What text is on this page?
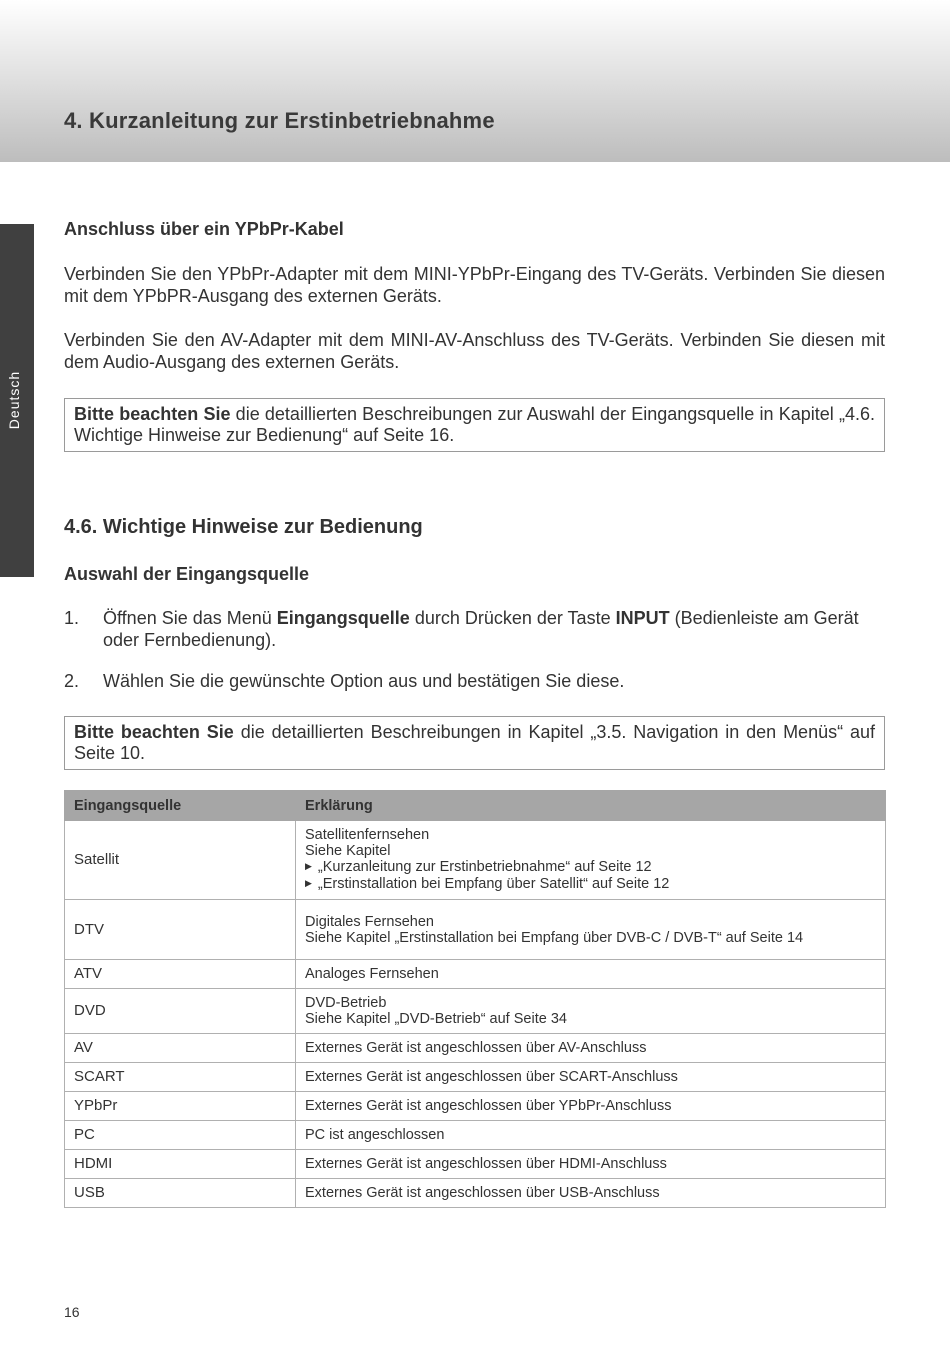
4. Kurzanleitung zur Erstinbetriebnahme
Deutsch

Anschluss über ein YPbPr-Kabel

Verbinden Sie den YPbPr-Adapter mit dem MINI-YPbPr-Eingang des TV-Geräts. Verbinden Sie diesen mit dem YPbPR-Ausgang des externen Geräts.

Verbinden Sie den AV-Adapter mit dem MINI-AV-Anschluss des TV-Geräts. Verbinden Sie diesen mit dem Audio-Ausgang des externen Geräts.

Bitte beachten Sie die detaillierten Beschreibungen zur Auswahl der Eingangsquelle in Kapitel „4.6. Wichtige Hinweise zur Bedienung“ auf Seite 16.

4.6. Wichtige Hinweise zur Bedienung

Auswahl der Eingangsquelle

1. Öffnen Sie das Menü Eingangsquelle durch Drücken der Taste INPUT (Bedienleiste am Gerät oder Fernbedienung).
2. Wählen Sie die gewünschte Option aus und bestätigen Sie diese.
Bitte beachten Sie die detaillierten Beschreibungen in Kapitel „3.5. Navigation in den Menüs“ auf Seite 10.
Eingangsquelle	Erklärung
Satellit	Satellitenfernsehen
Siehe Kapitel
▶ „Kurzanleitung zur Erstinbetriebnahme“ auf Seite 12
▶ „Erstinstallation bei Empfang über Satellit“ auf Seite 12

DTV	Digitales Fernsehen
Siehe Kapitel „Erstinstallation bei Empfang über DVB-C / DVB-T“ auf Seite 14

ATV	Analoges Fernsehen
DVD	DVD-Betrieb
Siehe Kapitel „DVD-Betrieb“ auf Seite 34

AV	Externes Gerät ist angeschlossen über AV-Anschluss
SCART	Externes Gerät ist angeschlossen über SCART-Anschluss
YPbPr	Externes Gerät ist angeschlossen über YPbPr-Anschluss
PC	PC ist angeschlossen
HDMI	Externes Gerät ist angeschlossen über HDMI-Anschluss
USB	Externes Gerät ist angeschlossen über USB-Anschluss
16
